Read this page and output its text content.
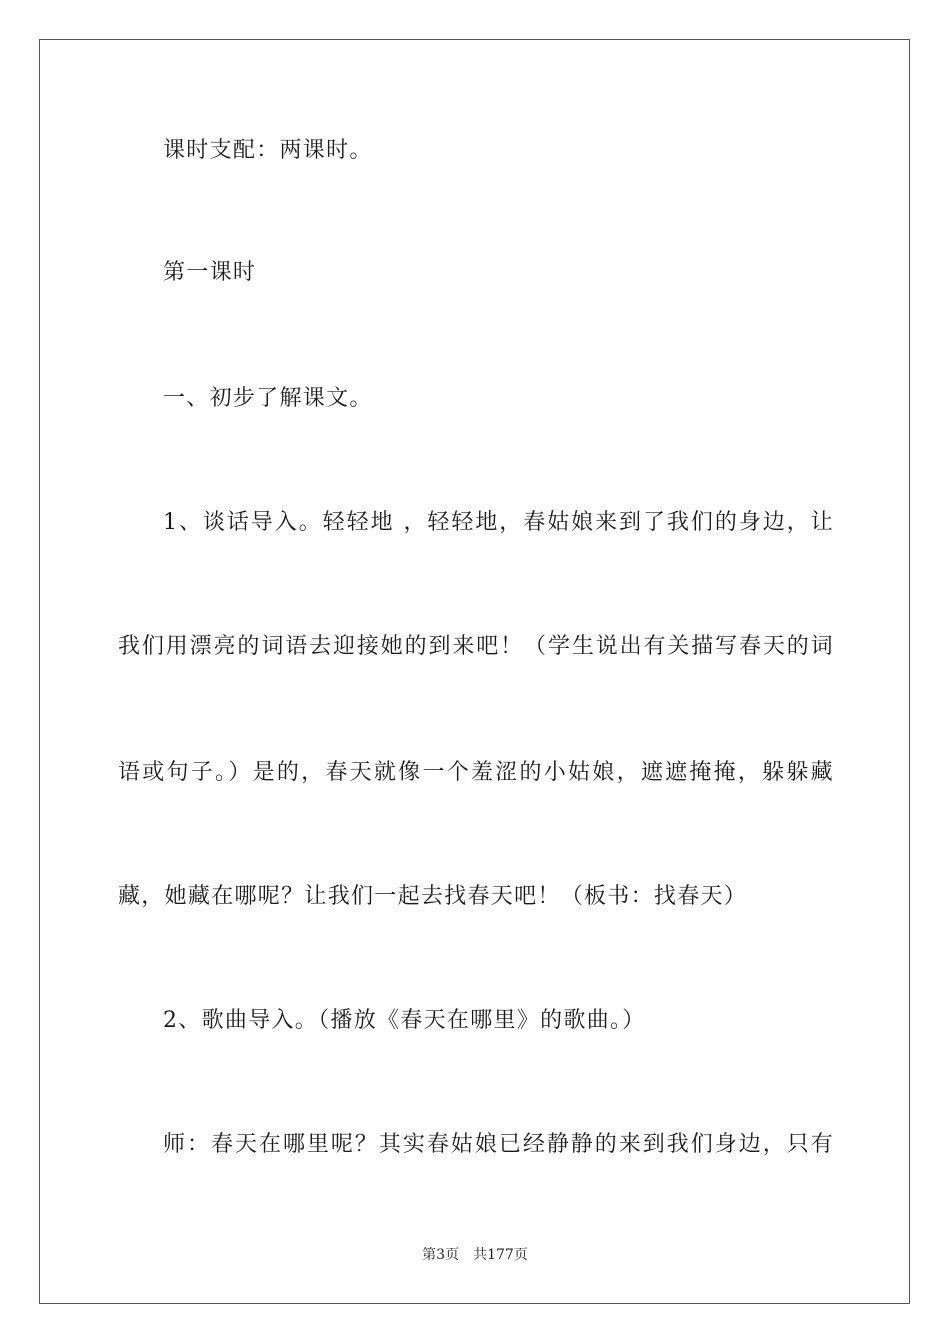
课时支配：两课时。
第一课时
一、初步了解课文。
1、谈话导入。轻轻地 ，轻轻地，春姑娘来到了我们的身边，让
我们用漂亮的词语去迎接她的到来吧！（学生说出有关描写春天的词
语或句子。）是的，春天就像一个羞涩的小姑娘，遮遮掩掩，躲躲藏
藏，她藏在哪呢？让我们一起去找春天吧！（板书：找春天）
2、歌曲导入。（播放《春天在哪里》的歌曲。）
师：春天在哪里呢？其实春姑娘已经静静的来到我们身边，只有
第3页 共177页
